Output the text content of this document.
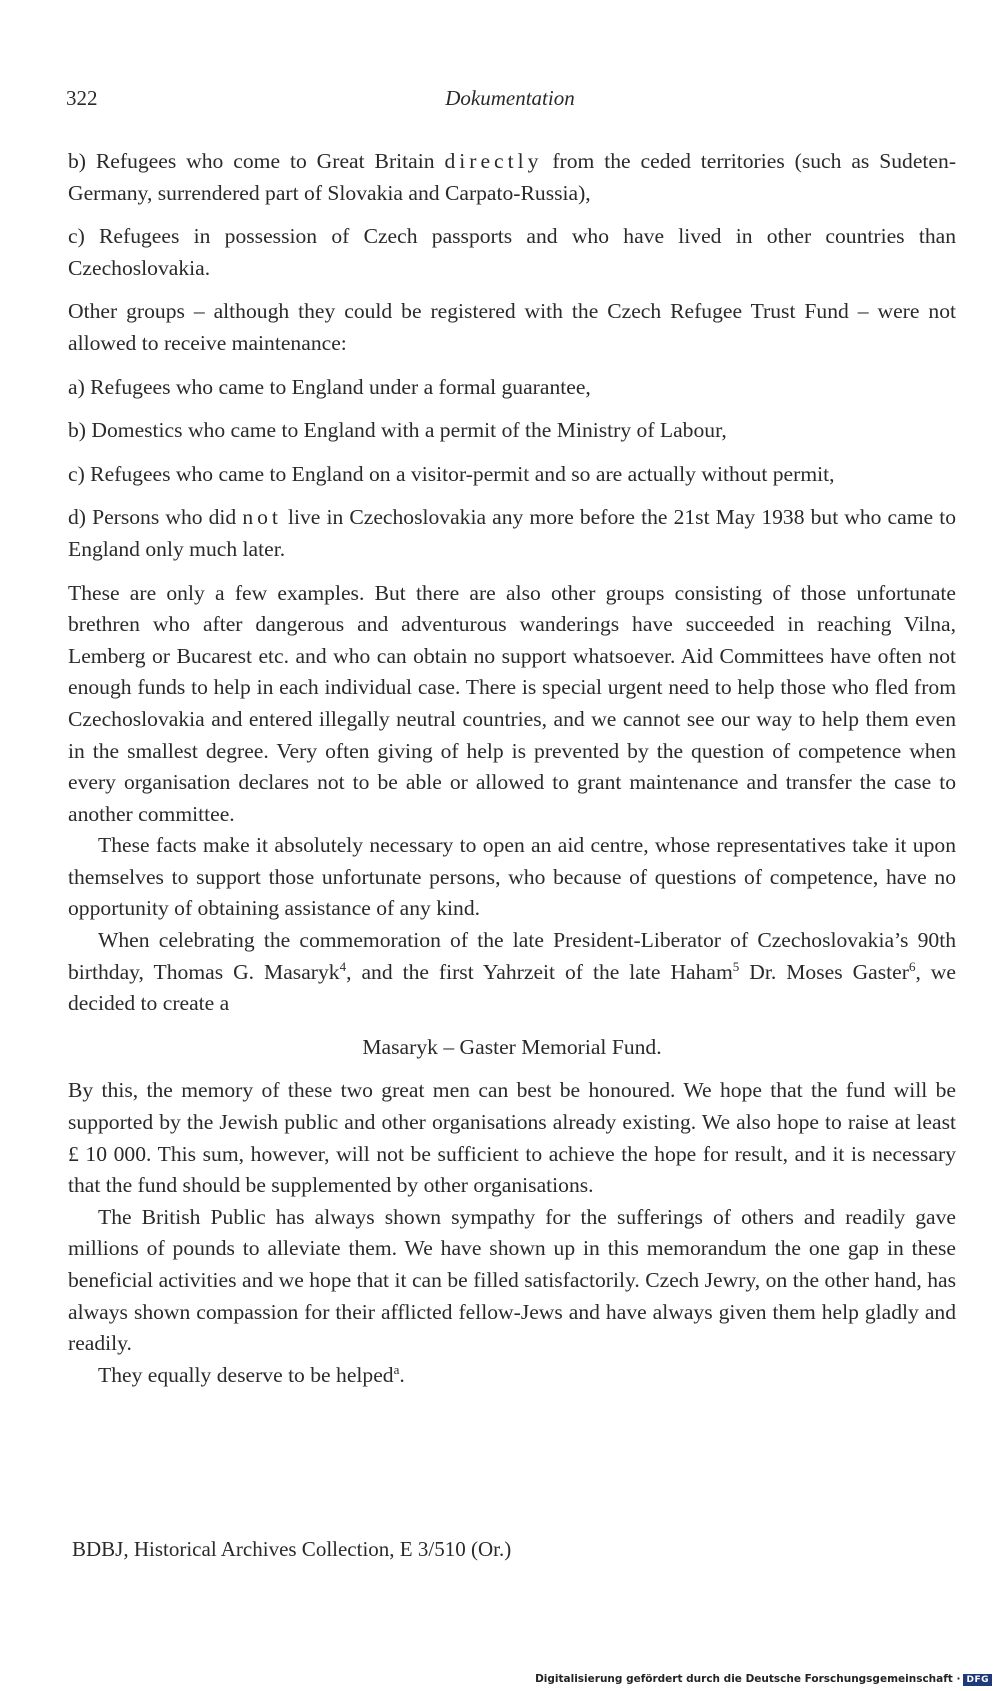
322	Dokumentation

b) Refugees who come to Great Britain directly from the ceded territories (such as Sudeten-Germany, surrendered part of Slovakia and Carpato-Russia),

c) Refugees in possession of Czech passports and who have lived in other countries than Czechoslovakia.

Other groups – although they could be registered with the Czech Refugee Trust Fund – were not allowed to receive maintenance:

a) Refugees who came to England under a formal guarantee,

b) Domestics who came to England with a permit of the Ministry of Labour,

c) Refugees who came to England on a visitor-permit and so are actually without permit,

d) Persons who did not live in Czechoslovakia any more before the 21st May 1938 but who came to England only much later.

These are only a few examples. But there are also other groups consisting of those unfortunate brethren who after dangerous and adventurous wanderings have succeeded in reaching Vilna, Lemberg or Bucarest etc. and who can obtain no support whatsoever. Aid Committees have often not enough funds to help in each individual case. There is special urgent need to help those who fled from Czechoslovakia and entered illegally neutral countries, and we cannot see our way to help them even in the smallest degree. Very often giving of help is prevented by the question of competence when every organisation declares not to be able or allowed to grant maintenance and transfer the case to another committee.

These facts make it absolutely necessary to open an aid centre, whose representatives take it upon themselves to support those unfortunate persons, who because of questions of competence, have no opportunity of obtaining assistance of any kind.

When celebrating the commemoration of the late President-Liberator of Czechoslovakia’s 90th birthday, Thomas G. Masaryk$^4$, and the first Yahrzeit of the late Haham$^5$ Dr. Moses Gaster$^6$, we decided to create a

Masaryk – Gaster Memorial Fund.

By this, the memory of these two great men can best be honoured. We hope that the fund will be supported by the Jewish public and other organisations already existing. We also hope to raise at least £ 10 000. This sum, however, will not be sufficient to achieve the hope for result, and it is necessary that the fund should be supplemented by other organisations.

The British Public has always shown sympathy for the sufferings of others and readily gave millions of pounds to alleviate them. We have shown up in this memorandum the one gap in these beneficial activities and we hope that it can be filled satisfactorily. Czech Jewry, on the other hand, has always shown compassion for their afflicted fellow-Jews and have always given them help gladly and readily.

They equally deserve to be helped$^a$.

BDBJ, Historical Archives Collection, E 3/510 (Or.)
Digitalisierung gefördert durch die Deutsche Forschungsgemeinschaft · DFG
